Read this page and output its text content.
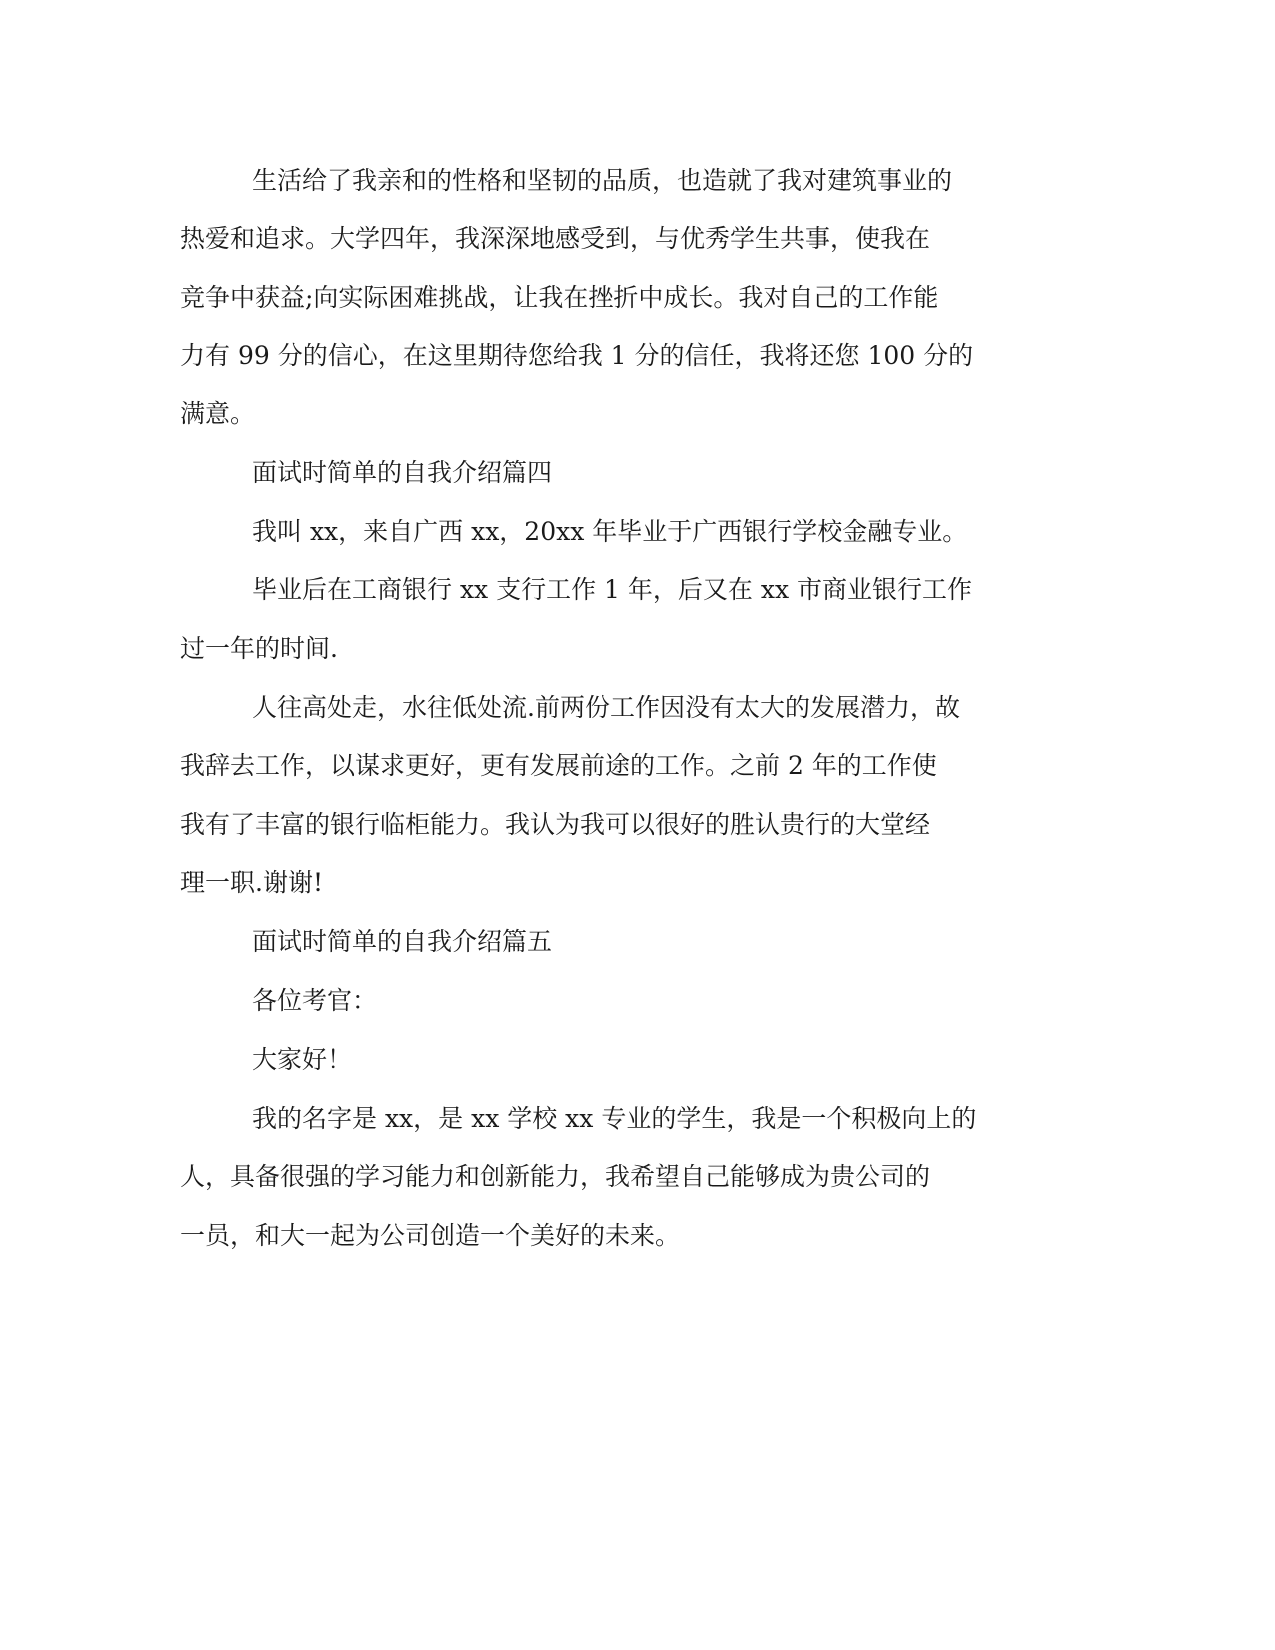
生活给了我亲和的性格和坚韧的品质，也造就了我对建筑事业的

热爱和追求。大学四年，我深深地感受到，与优秀学生共事，使我在

竞争中获益;向实际困难挑战，让我在挫折中成长。我对自己的工作能

力有 99 分的信心，在这里期待您给我 1 分的信任，我将还您 100 分的

满意。

面试时简单的自我介绍篇四

我叫 xx，来自广西 xx，20xx 年毕业于广西银行学校金融专业。

毕业后在工商银行 xx 支行工作 1 年，后又在 xx 市商业银行工作

过一年的时间.

人往高处走，水往低处流.前两份工作因没有太大的发展潜力，故

我辞去工作，以谋求更好，更有发展前途的工作。之前 2 年的工作使

我有了丰富的银行临柜能力。我认为我可以很好的胜认贵行的大堂经

理一职.谢谢!

面试时简单的自我介绍篇五

各位考官：

大家好！

我的名字是 xx，是 xx 学校 xx 专业的学生，我是一个积极向上的

人，具备很强的学习能力和创新能力，我希望自己能够成为贵公司的

一员，和大一起为公司创造一个美好的未来。
